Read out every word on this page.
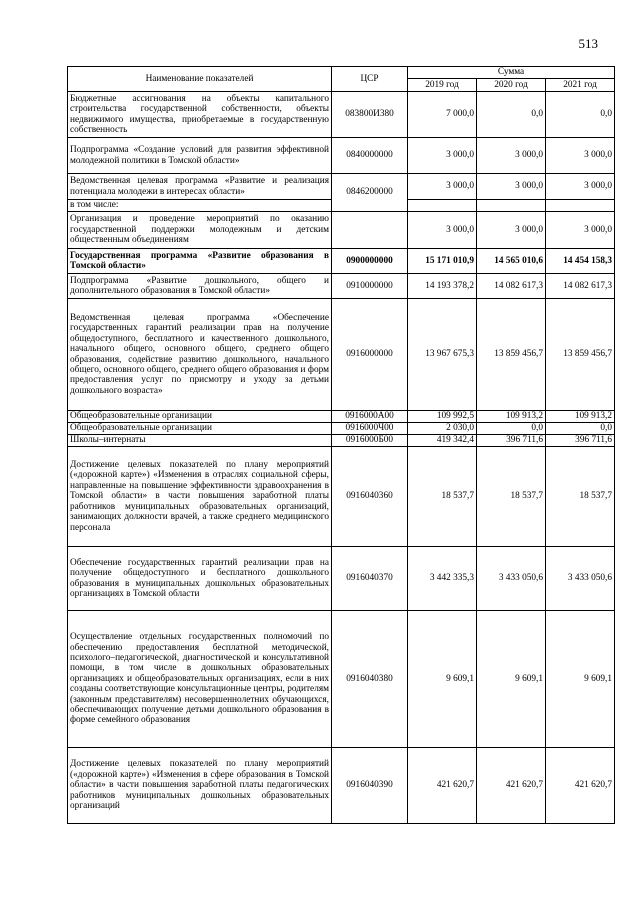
513
Наименование показателей	ЦСР	Сумма		
		2019 год	2020 год	2021 год
Бюджетные ассигнования на объекты капитального строительства государственной собственности, объекты недвижимого имущества, приобретаемые в государственную собственность	083800И380	7 000,0	0,0	0,0
Подпрограмма «Создание условий для развития эффективной молодежной политики в Томской области»	0840000000	3 000,0	3 000,0	3 000,0
Ведомственная целевая программа «Развитие и реализация потенциала молодежи в интересах области»	0846200000	3 000,0	3 000,0	3 000,0
в том числе:				
Организация и проведение мероприятий по оказанию государственной поддержки молодежным и детским общественным объединениям		3 000,0	3 000,0	3 000,0
Государственная программа «Развитие образования в Томской области»	0900000000	15 171 010,9	14 565 010,6	14 454 158,3
Подпрограмма «Развитие дошкольного, общего и дополнительного образования в Томской области»	0910000000	14 193 378,2	14 082 617,3	14 082 617,3
Ведомственная целевая программа «Обеспечение государственных гарантий реализации прав на получение общедоступного, бесплатного и качественного дошкольного, начального общего, основного общего, среднего общего образования, содействие развитию дошкольного, начального общего, основного общего, среднего общего образования и форм предоставления услуг по присмотру и уходу за детьми дошкольного возраста»	0916000000	13 967 675,3	13 859 456,7	13 859 456,7
Общеобразовательные организации	0916000А00	109 992,5	109 913,2	109 913,2
Общеобразовательные организации	0916000Ч00	2 030,0	0,0	0,0
Школы–интернаты	0916000Б00	419 342,4	396 711,6	396 711,6
Достижение целевых показателей по плану мероприятий («дорожной карте») «Изменения в отраслях социальной сферы, направленные на повышение эффективности здравоохранения в Томской области» в части повышения заработной платы работников муниципальных образовательных организаций, занимающих должности врачей, а также среднего медицинского персонала	0916040360	18 537,7	18 537,7	18 537,7
Обеспечение государственных гарантий реализации прав на получение общедоступного и бесплатного дошкольного образования в муниципальных дошкольных образовательных организациях в Томской области	0916040370	3 442 335,3	3 433 050,6	3 433 050,6
Осуществление отдельных государственных полномочий по обеспечению предоставления бесплатной методической, психолого–педагогической, диагностической и консультативной помощи, в том числе в дошкольных образовательных организациях и общеобразовательных организациях, если в них созданы соответствующие консультационные центры, родителям (законным представителям) несовершеннолетних обучающихся, обеспечивающих получение детьми дошкольного образования в форме семейного образования	0916040380	9 609,1	9 609,1	9 609,1
Достижение целевых показателей по плану мероприятий («дорожной карте») «Изменения в сфере образования в Томской области» в части повышения заработной платы педагогических работников муниципальных дошкольных образовательных организаций	0916040390	421 620,7	421 620,7	421 620,7
